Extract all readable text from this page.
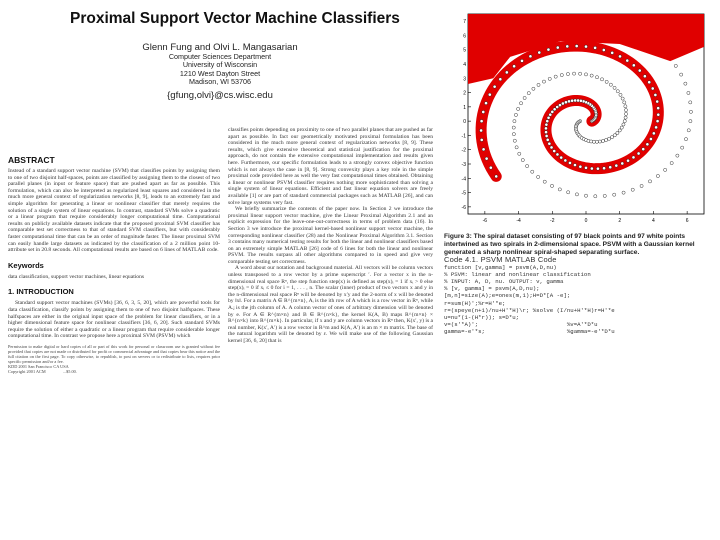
Proximal Support Vector Machine Classifiers
Glenn Fung and Olvi L. Mangasarian
Computer Sciences Department
University of Wisconsin
1210 West Dayton Street
Madison, WI 53706
{gfung,olvi}@cs.wisc.edu
ABSTRACT

Instead of a standard support vector machine (SVM) that classifies points by assigning them to one of two disjoint half-spaces, points are classified by assigning them to the closest of two parallel planes (in input or feature space) that are pushed apart as far as possible. This formulation, which can also be interpreted as regularized least squares and considered in the much more general context of regularization networks [8, 9], leads to an extremely fast and simple algorithm for generating a linear or nonlinear classifier that merely requires the solution of a single system of linear equations. In contrast, standard SVMs solve a quadratic or a linear program that require considerably longer computational time. Computational results on publicly available datasets indicate that the proposed proximal SVM classifier has comparable test set correctness to that of standard SVM classifiers, but with considerably faster computational time that can be an order of magnitude faster. The linear proximal SVM can easily handle large datasets as indicated by the classification of a 2 million point 10-attribute set in 20.8 seconds. All computational results are based on 6 lines of MATLAB code.

Keywords

data classification, support vector machines, linear equations

1. INTRODUCTION

Standard support vector machines (SVMs) [36, 6, 3, 5, 20], which are powerful tools for data classification, classify points by assigning them to one of two disjoint halfspaces. These halfspaces are either in the original input space of the problem for linear classifiers, or in a higher dimensional feature space for nonlinear classifiers [36, 6, 20]. Such standard SVMs require the solution of either a quadratic or a linear program that require considerable longer computational time. In contrast we propose here a proximal SVM (PSVM) which

Permission to make digital or hard copies of all or part of this work for personal or classroom use is granted without fee provided that copies are not made or distributed for profit or commercial advantage and that copies bear this notice and the full citation on the first page. To copy otherwise, to republish, to post on servers or to redistribute to lists, requires prior specific permission and/or a fee.

KDD 2001 San Francisco CA USA

Copyright 2001 ACM	...$5.00.

classifies points depending on proximity to one of two parallel planes that are pushed as far apart as possible. In fact our geometrically motivated proximal formulation has been considered in the much more general context of regularization networks [8, 9]. These results, which give extensive theoretical and statistical justification for the proximal approach, do not contain the extensive computational implementation and results given here. Furthermore, our specific formulation leads to a strongly convex objective function which is not always the case in [8, 9]. Strong convexity plays a key role in the simple proximal code provided here as well the very fast computational times obtained. Obtaining a linear or nonlinear PSVM classifier requires nothing more sophisticated than solving a single system of linear equations. Efficient and fast linear equation solvers are freely available [1] or are part of standard commercial packages such as MATLAB [26], and can solve large systems very fast.

We briefly summarize the contents of the paper now. In Section 2 we introduce the proximal linear support vector machine, give the Linear Proximal Algorithm 2.1 and an explicit expression for the leave-one-out-correctness in terms of problem data (16). In Section 3 we introduce the proximal kernel-based nonlinear support vector machine, the corresponding nonlinear classifier (28) and the Nonlinear Proximal Algorithm 3.1. Section 3 contains many numerical testing results for both the linear and nonlinear classifiers based on an extremely simple MATLAB [26] code of 6 lines for both the linear and nonlinear PSVM. The results surpass all other algorithms compared to in speed and give very comparable testing set correctness.

A word about our notation and background material. All vectors will be column vectors unless transposed to a row vector by a prime superscript ′. For a vector x in the n-dimensional real space Rⁿ, the step function step(x) is defined as step(x)ᵢ = 1 if xᵢ > 0 else step(x)ᵢ = 0 if xᵢ ≤ 0 for i = 1, . . . , n. The scalar (inner) product of two vectors x and y in the n-dimensional real space Rⁿ will be denoted by x′y and the 2-norm of x will be denoted by ‖x‖. For a matrix A ∈ R^{m×n}, Aᵢ is the ith row of A which is a row vector in Rⁿ, while A.ⱼ is the jth column of A. A column vector of ones of arbitrary dimension will be denoted by e. For A ∈ R^{m×n} and B ∈ R^{n×k}, the kernel K(A, B) maps R^{m×n} × R^{n×k} into R^{m×k}. In particular, if x and y are column vectors in Rⁿ then, K(x′, y) is a real number, K(x′, A′) is a row vector in R^m and K(A, A′) is an m × m matrix. The base of the natural logarithm will be denoted by ε. We will make use of the following Gaussian kernel [36, 6, 20] that is

-6	-4	-2	0	2	4	6
-6
-5
-4
-3
-2
-1
0
1
2
3
4
5
6
7

Figure 3: The spiral dataset consisting of 97 black points and 97 white points intertwined as two spirals in 2-dimensional space. PSVM with a Gaussian kernel generated a sharp nonlinear spiral-shaped separating surface.

Code 4.1. PSVM MATLAB Code

function [v,gamma] = psvm(A,D,nu)

% PSVM: linear and nonlinear classification

% INPUT: A, D, nu. OUTPUT: v, gamma

% [v, gamma] = psvm(A,D,nu);

[m,n]=size(A);e=ones(m,1);H=D*[A -e];

r=sum(H)';%r=H'*e;

r=(speye(n+1)/nu+H'*H)\r; %solve (I/nu+H'*H)r=H'*e

u=nu*(1-(H*r)); s=D*u;

v=(s'*A)';                          %v=A'*D*u

gamma=-e'*s;                        %gamma=-e'*D*u
